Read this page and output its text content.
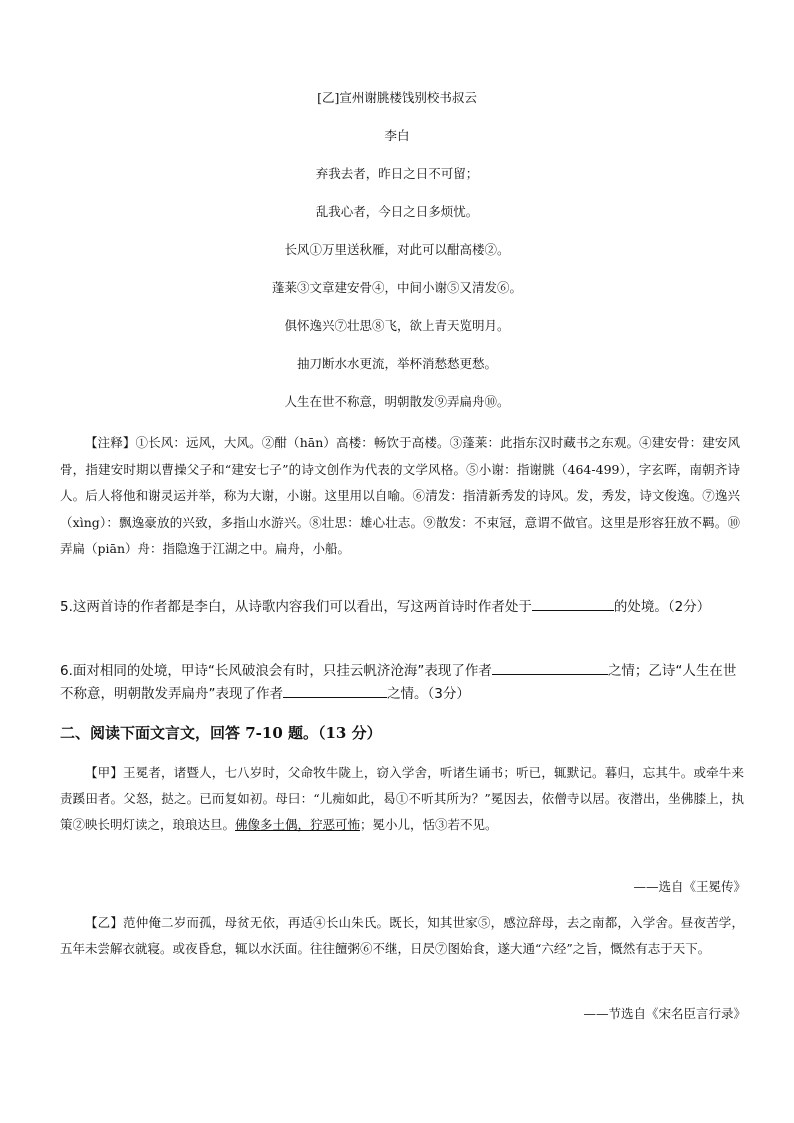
[乙]宣州谢朓楼饯别校书叔云

李白

弃我去者，昨日之日不可留；

乱我心者，今日之日多烦忧。

长风①万里送秋雁，对此可以酣高楼②。

蓬莱③文章建安骨④，中间小谢⑤又清发⑥。

俱怀逸兴⑦壮思⑧飞，欲上青天览明月。

抽刀断水水更流，举杯消愁愁更愁。

人生在世不称意，明朝散发⑨弄扁舟⑩。

【注释】①长风：远风，大风。②酣（hān）高楼：畅饮于高楼。③蓬莱：此指东汉时藏书之东观。④建安骨：建安风骨，指建安时期以曹操父子和“建安七子”的诗文创作为代表的文学风格。⑤小谢：指谢朓（464-499），字玄晖，南朝齐诗人。后人将他和谢灵运并举，称为大谢，小谢。这里用以自喻。⑥清发：指清新秀发的诗风。发，秀发，诗文俊逸。⑦逸兴（xìng）：飘逸豪放的兴致，多指山水游兴。⑧壮思：雄心壮志。⑨散发：不束冠，意谓不做官。这里是形容狂放不羁。⑩弄扁（piān）舟：指隐逸于江湖之中。扁舟，小船。

5.这两首诗的作者都是李白，从诗歌内容我们可以看出，写这两首诗时作者处于	的处境。（2分）

6.面对相同的处境，甲诗“长风破浪会有时，只挂云帆济沧海”表现了作者	之情；乙诗“人生在世不称意，明朝散发弄扁舟”表现了作者	之情。（3分）

二、阅读下面文言文，回答 7-10 题。（13 分）

【甲】王冕者，诸暨人，七八岁时，父命牧牛陇上，窃入学舍，听诸生诵书；听已，辄默记。暮归，忘其牛。或牵牛来责蹊田者。父怒，挞之。已而复如初。母曰：“儿痴如此，曷①不听其所为？”冕因去，依僧寺以居。夜潜出，坐佛膝上，执策②映长明灯读之，琅琅达旦。佛像多土偶，狞恶可怖；冕小儿，恬③若不见。

——选自《王冕传》

【乙】范仲俺二岁而孤，母贫无依，再适④长山朱氏。既长，知其世家⑤，感泣辞母，去之南都，入学舍。昼夜苦学，五年未尝解衣就寝。或夜昏怠，辄以水沃面。往往饘粥⑥不继，日昃⑦图始食，遂大通“六经”之旨，慨然有志于天下。

——节选自《宋名臣言行录》
